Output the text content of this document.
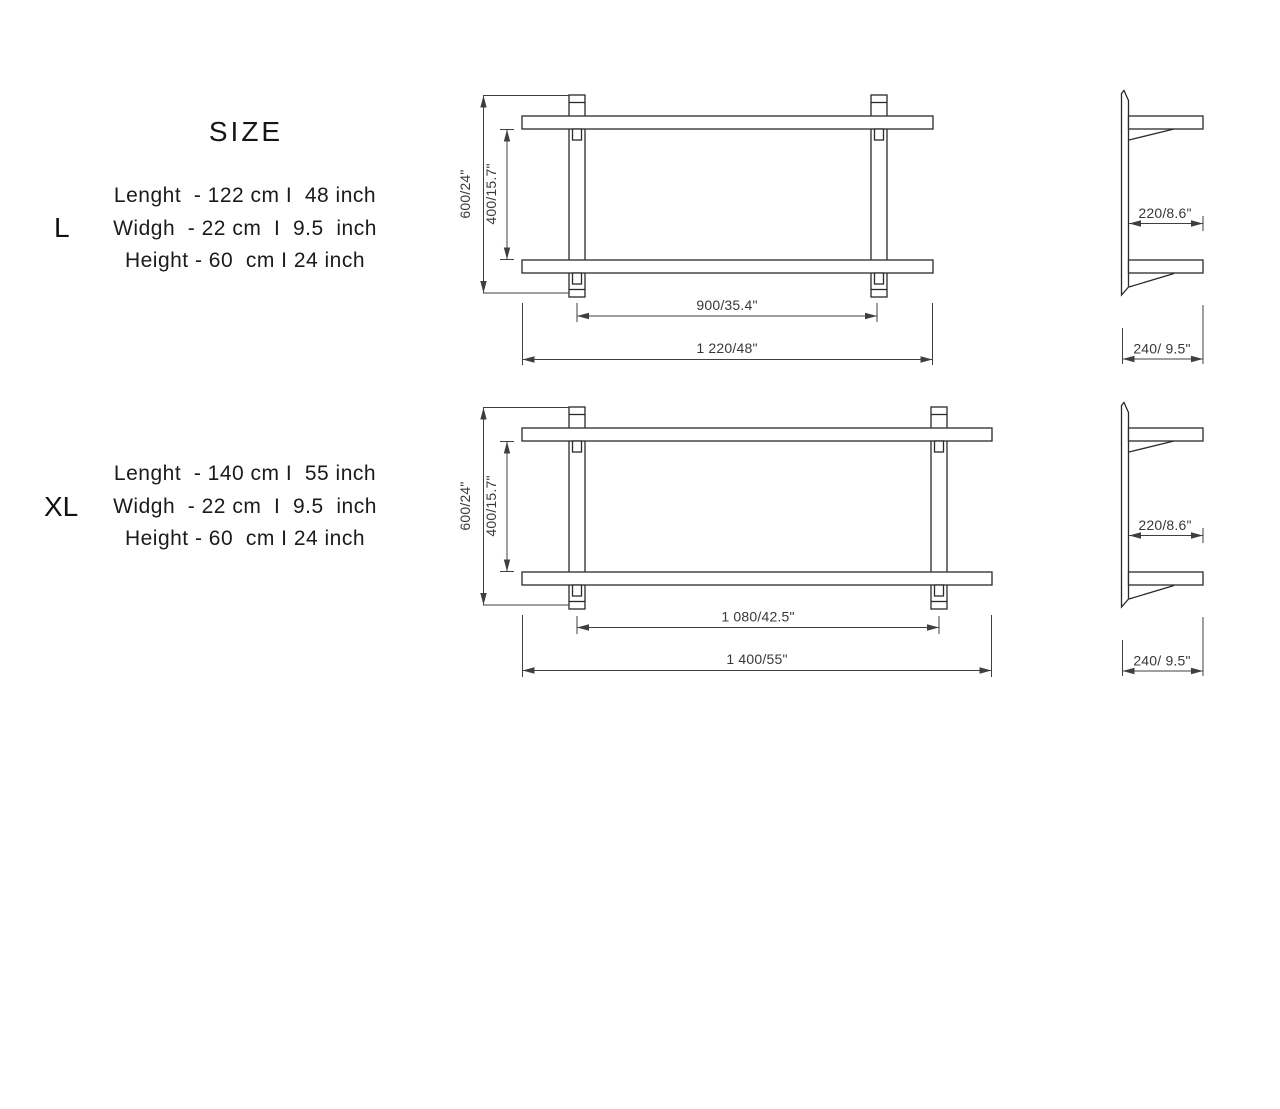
SIZE
L
Lenght  - 122 cm I  48 inch
Widgh  - 22 cm  I  9.5  inch
Height - 60  cm I 24 inch
XL
Lenght  - 140 cm I  55 inch
Widgh  - 22 cm  I  9.5  inch
Height - 60  cm I 24 inch
600/24" 400/15.7"
900/35.4"
1 220/48"
220/8.6"
240/ 9.5"
600/24" 400/15.7"
1 080/42.5"
1 400/55"
220/8.6"
240/ 9.5"
